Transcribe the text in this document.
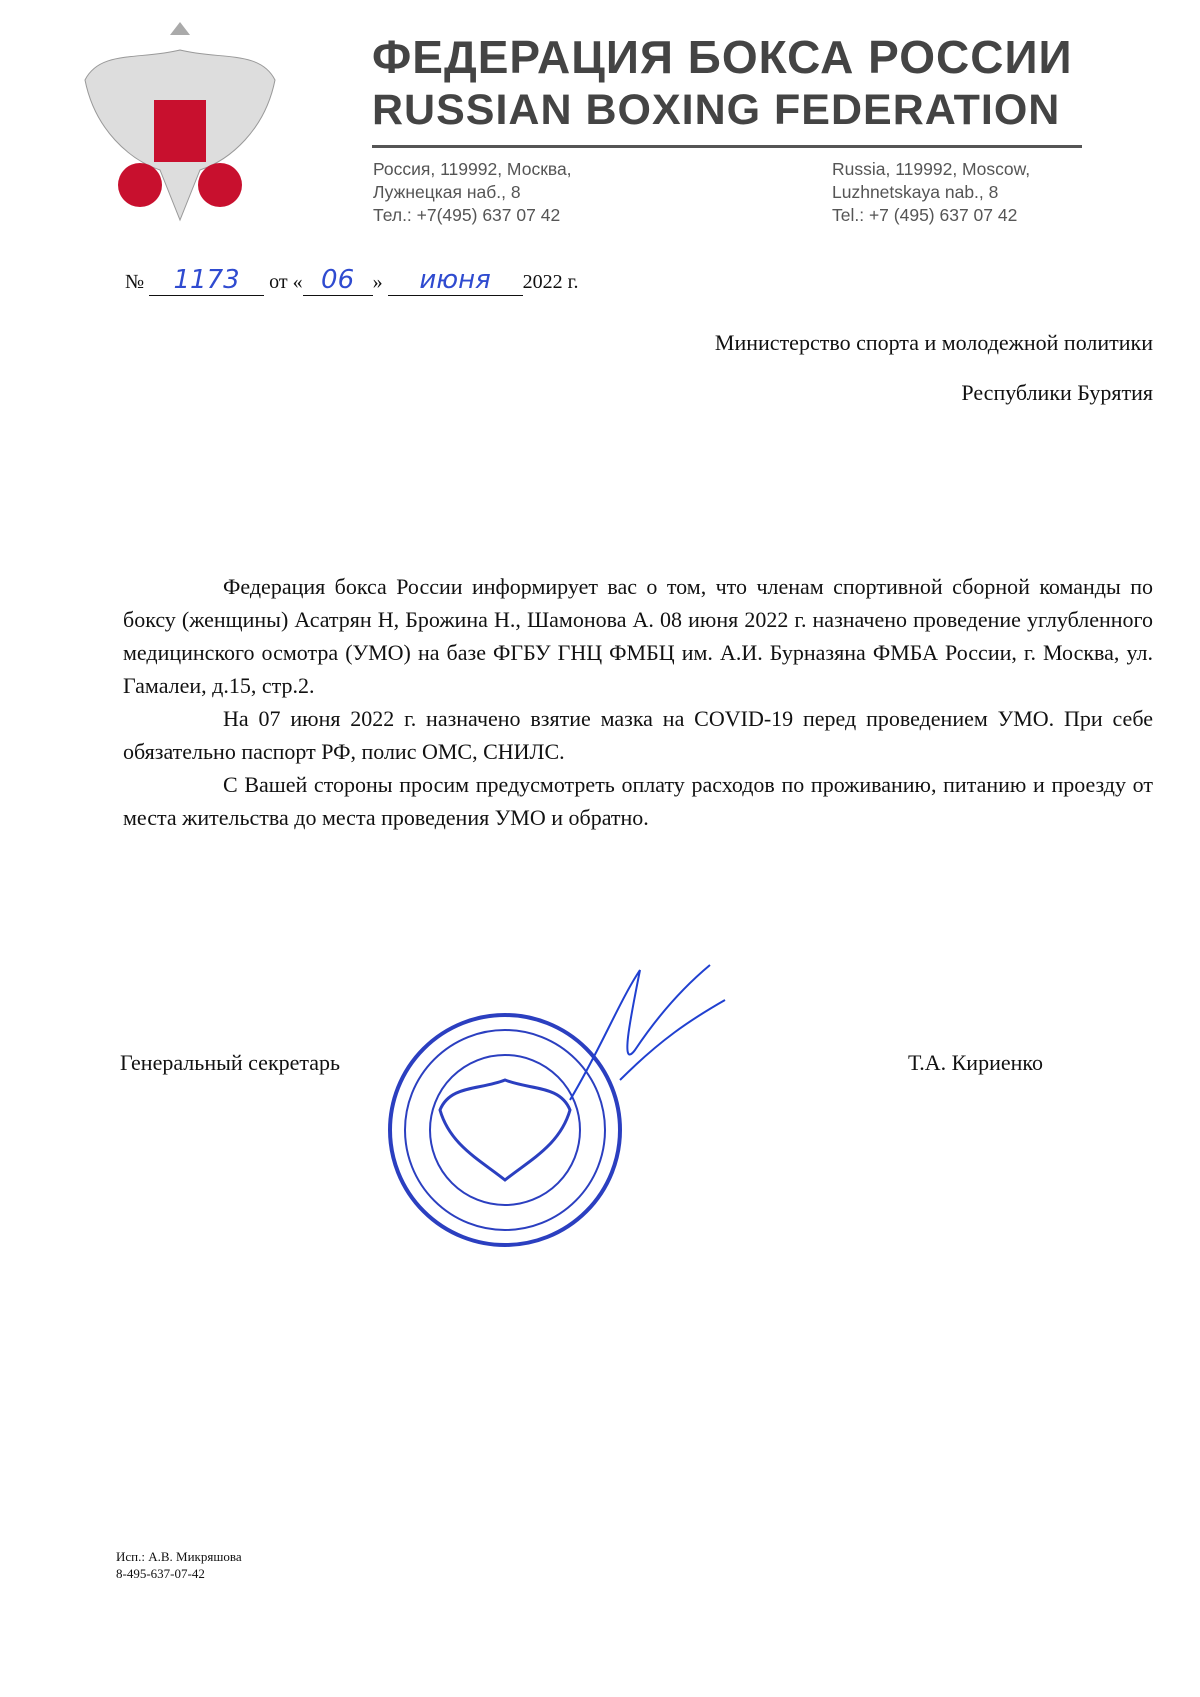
ФЕДЕРАЦИЯ БОКСА РОССИИ
RUSSIAN BOXING FEDERATION
Россия, 119992, Москва,
Лужнецкая наб., 8
Тел.: +7(495) 637 07 42
Russia, 119992, Moscow,
Luzhnetskaya nab., 8
Tel.: +7 (495) 637 07 42
№ 1173 от « 06 » июня 2022 г.
Министерство спорта и молодежной политики
Республики Бурятия

Федерация бокса России информирует вас о том, что членам спортивной сборной команды по боксу (женщины) Асатрян Н, Брожина Н., Шамонова А. 08 июня 2022 г. назначено проведение углубленного медицинского осмотра (УМО) на базе ФГБУ ГНЦ ФМБЦ им. А.И. Бурназяна ФМБА России, г. Москва, ул. Гамалеи, д.15, стр.2.

На 07 июня 2022 г. назначено взятие мазка на COVID-19 перед проведением УМО. При себе обязательно паспорт РФ, полис ОМС, СНИЛС.

С Вашей стороны просим предусмотреть оплату расходов по проживанию, питанию и проезду от места жительства до места проведения УМО и обратно.

Генеральный секретарь	Т.А. Кириенко
Исп.: А.В. Микряшова
8-495-637-07-42
